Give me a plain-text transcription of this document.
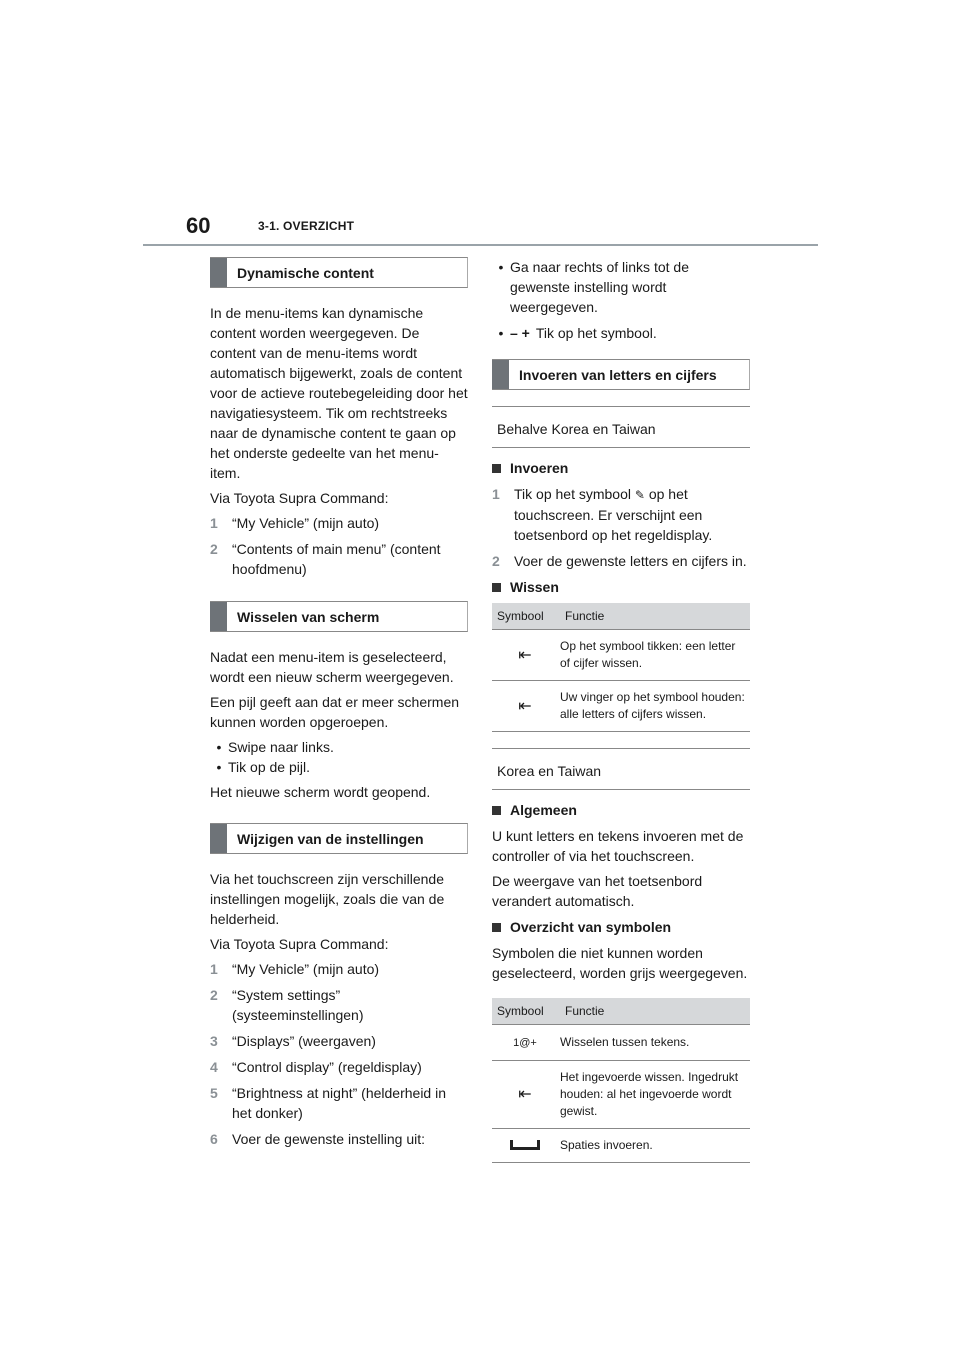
60	3-1. OVERZICHT
Dynamische content

In de menu-items kan dynamische content worden weergegeven. De content van de menu-items wordt automatisch bijgewerkt, zoals de content voor de actieve routebegeleiding door het navigatiesysteem. Tik om rechtstreeks naar de dynamische content te gaan op het onderste gedeelte van het menu-item.

Via Toyota Supra Command:

1	“My Vehicle” (mijn auto)
2	“Contents of main menu” (content hoofdmenu)
Wisselen van scherm

Nadat een menu-item is geselecteerd, wordt een nieuw scherm weergegeven.

Een pijl geeft aan dat er meer schermen kunnen worden opgeroepen.

• Swipe naar links.
• Tik op de pijl.

Het nieuwe scherm wordt geopend.

Wijzigen van de instellingen

Via het touchscreen zijn verschillende instellingen mogelijk, zoals die van de helderheid.

Via Toyota Supra Command:

1	“My Vehicle” (mijn auto)
2	“System settings” (systeeminstellingen)
3	“Displays” (weergaven)
4	“Control display” (regeldisplay)
5	“Brightness at night” (helderheid in het donker)
6	Voer de gewenste instelling uit:
• Ga naar rechts of links tot de gewenste instelling wordt weergegeven.
• – + Tik op het symbool.
Invoeren van letters en cijfers
Behalve Korea en Taiwan
Invoeren
1	Tik op het symbool ✎ op het touchscreen. Er verschijnt een toetsenbord op het regeldisplay.
2	Voer de gewenste letters en cijfers in.
Wissen
Symbool	Functie
⇤	Op het symbool tikken: een letter of cijfer wissen.
⇤	Uw vinger op het symbool houden: alle letters of cijfers wissen.
Korea en Taiwan
Algemeen

U kunt letters en tekens invoeren met de controller of via het touchscreen.

De weergave van het toetsenbord verandert automatisch.

Overzicht van symbolen

Symbolen die niet kunnen worden geselecteerd, worden grijs weergegeven.

Symbool	Functie
1@+	Wisselen tussen tekens.
⇤	Het ingevoerde wissen. Ingedrukt houden: al het ingevoerde wordt gewist.
	Spaties invoeren.
